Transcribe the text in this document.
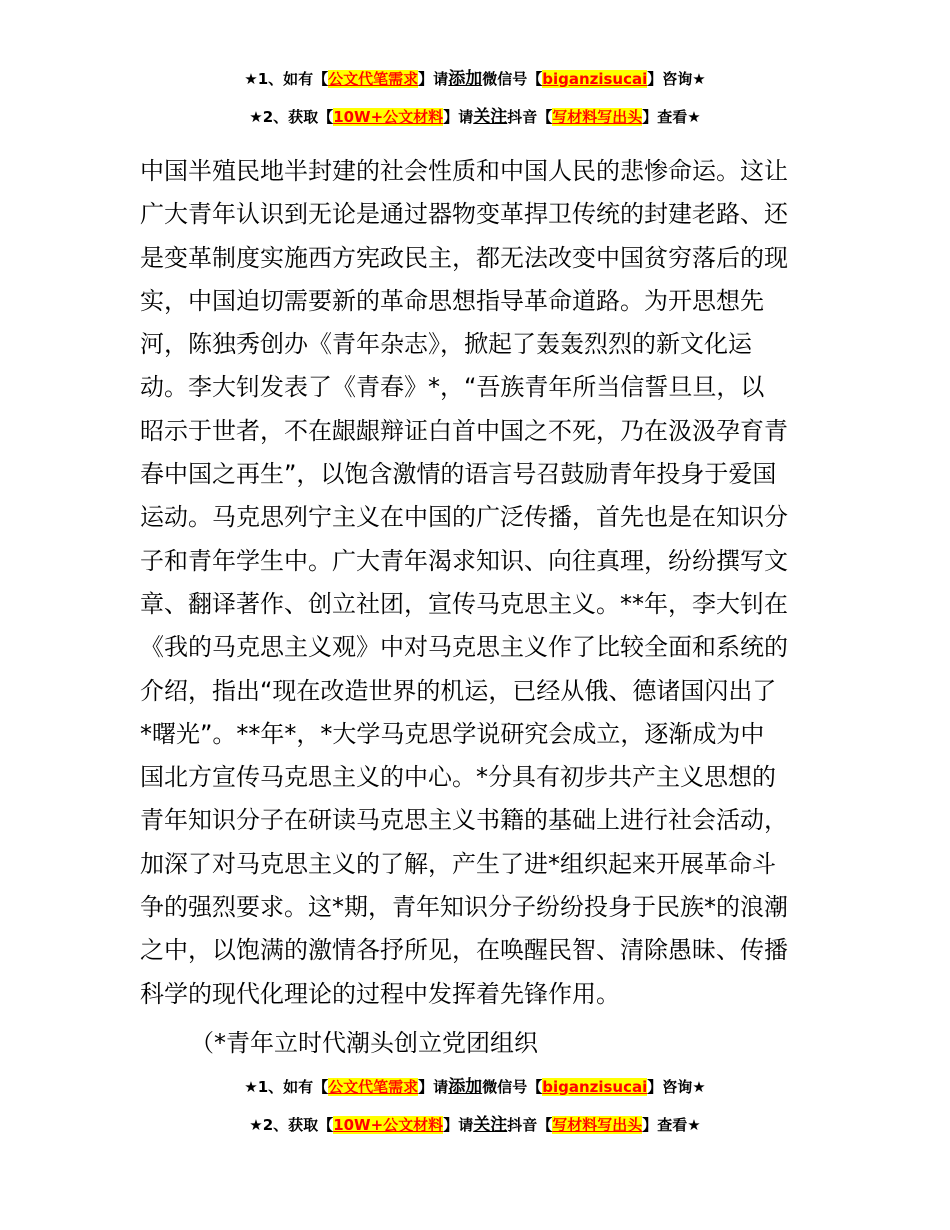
★1、如有【公文代笔需求】请添加微信号【biganzisucai】咨询★
★2、获取【10W+公文材料】请关注抖音【写材料写出头】查看★
中国半殖民地半封建的社会性质和中国人民的悲惨命运。这让
广大青年认识到无论是通过器物变革捍卫传统的封建老路、还
是变革制度实施西方宪政民主，都无法改变中国贫穷落后的现
实，中国迫切需要新的革命思想指导革命道路。为开思想先
河，陈独秀创办《青年杂志》，掀起了轰轰烈烈的新文化运
动。李大钊发表了《青春》*，“吾族青年所当信誓旦旦，以
昭示于世者，不在龈龈辩证白首中国之不死，乃在汲汲孕育青
春中国之再生”，以饱含激情的语言号召鼓励青年投身于爱国
运动。马克思列宁主义在中国的广泛传播，首先也是在知识分
子和青年学生中。广大青年渴求知识、向往真理，纷纷撰写文
章、翻译著作、创立社团，宣传马克思主义。**年，李大钊在
《我的马克思主义观》中对马克思主义作了比较全面和系统的
介绍，指出“现在改造世界的机运，已经从俄、德诸国闪出了
*曙光”。**年*，*大学马克思学说研究会成立，逐渐成为中
国北方宣传马克思主义的中心。*分具有初步共产主义思想的
青年知识分子在研读马克思主义书籍的基础上进行社会活动，
加深了对马克思主义的了解，产生了进*组织起来开展革命斗
争的强烈要求。这*期，青年知识分子纷纷投身于民族*的浪潮
之中，以饱满的激情各抒所见，在唤醒民智、清除愚昧、传播
科学的现代化理论的过程中发挥着先锋作用。
（*青年立时代潮头创立党团组织
★1、如有【公文代笔需求】请添加微信号【biganzisucai】咨询★
★2、获取【10W+公文材料】请关注抖音【写材料写出头】查看★
